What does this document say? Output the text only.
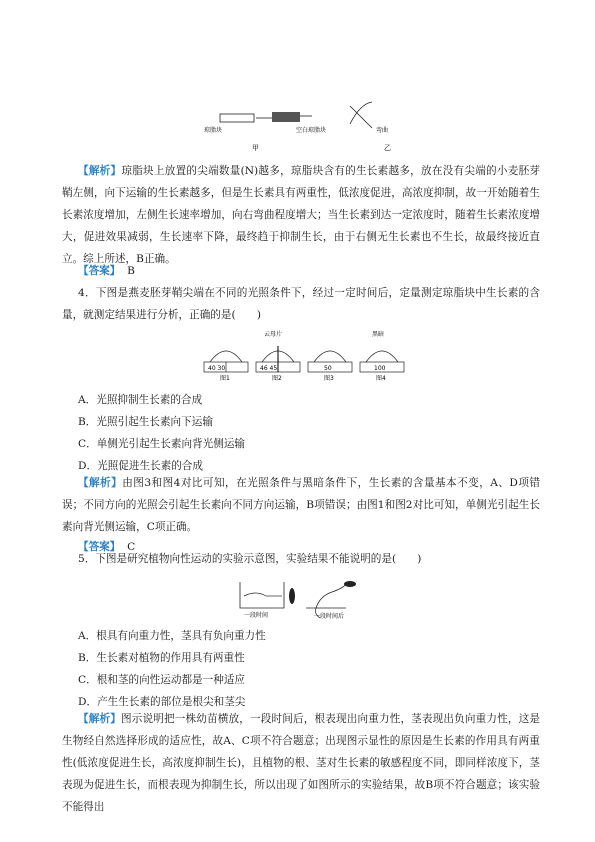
琼脂块	空白琼脂块
甲
弯曲
乙
【解析】琼脂块上放置的尖端数量(N)越多，琼脂块含有的生长素越多，放在没有尖端的小麦胚芽鞘左侧，向下运输的生长素越多，但是生长素具有两重性，低浓度促进，高浓度抑制，故一开始随着生长素浓度增加，左侧生长速率增加，向右弯曲程度增大；当生长素到达一定浓度时，随着生长素浓度增大，促进效果减弱，生长速率下降，最终趋于抑制生长，由于右侧无生长素也不生长，故最终接近直立。综上所述，B正确。
【答案】 B
4．下图是燕麦胚芽鞘尖端在不同的光照条件下，经过一定时间后，定量测定琼脂块中生长素的含量，就测定结果进行分析，正确的是(　　)
40 30
图1
云母片
46 45
图2
50
图3
黑暗
100
图4
A．光照抑制生长素的合成
B．光照引起生长素向下运输
C．单侧光引起生长素向背光侧运输
D．光照促进生长素的合成
【解析】由图3和图4对比可知，在光照条件与黑暗条件下，生长素的含量基本不变，A、D项错误；不同方向的光照会引起生长素向不同方向运输，B项错误；由图1和图2对比可知，单侧光引起生长素向背光侧运输，C项正确。
【答案】 C
5．下图是研究植物向性运动的实验示意图，实验结果不能说明的是(　　)
一段时间	一段时间后
A．根具有向重力性，茎具有负向重力性
B．生长素对植物的作用具有两重性
C．根和茎的向性运动都是一种适应
D．产生生长素的部位是根尖和茎尖
【解析】图示说明把一株幼苗横放，一段时间后，根表现出向重力性，茎表现出负向重力性，这是生物经自然选择形成的适应性，故A、C项不符合题意；出现图示显性的原因是生长素的作用具有两重性(低浓度促进生长，高浓度抑制生长)，且植物的根、茎对生长素的敏感程度不同，即同样浓度下，茎表现为促进生长，而根表现为抑制生长，所以出现了如图所示的实验结果，故B项不符合题意；该实验不能得出
